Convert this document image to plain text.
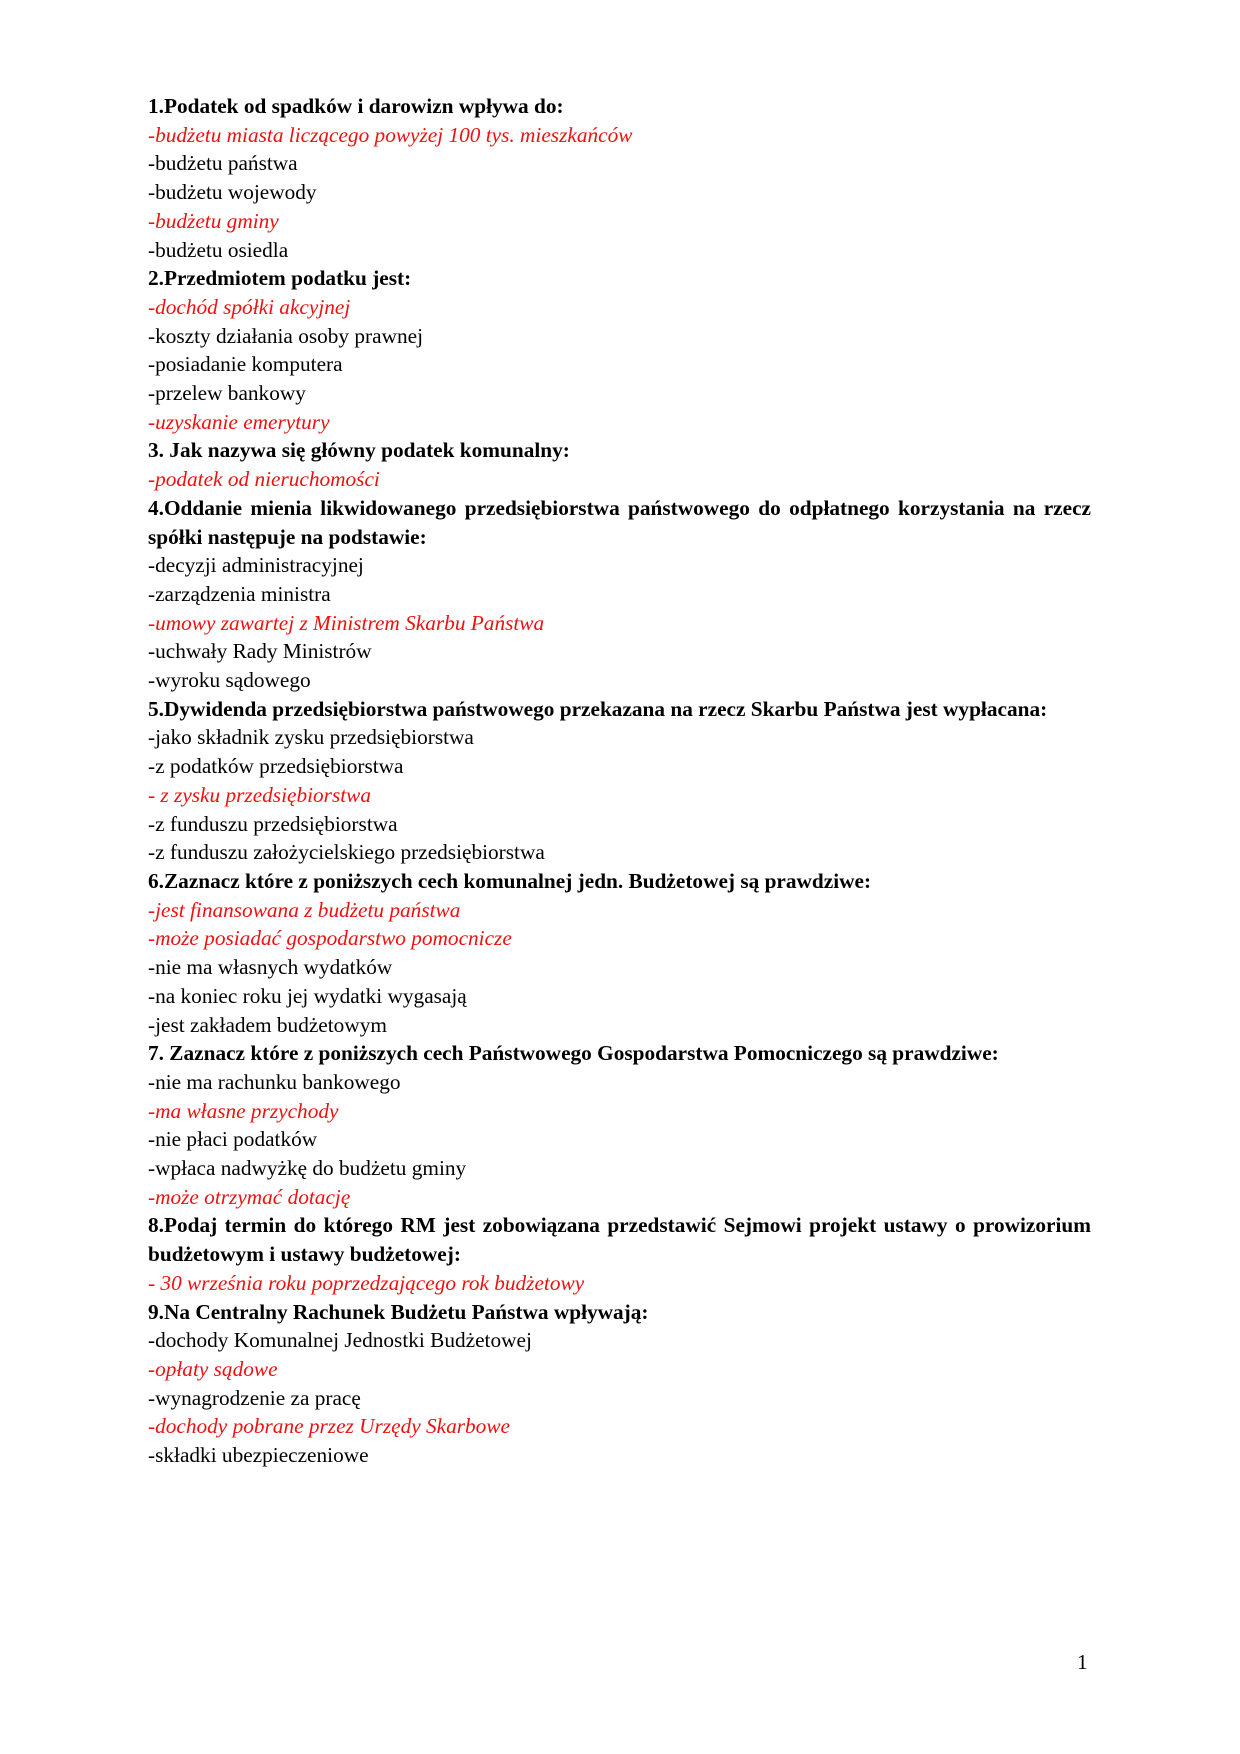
1.Podatek od spadków i darowizn wpływa do:
-budżetu miasta liczącego powyżej 100 tys. mieszkańców
-budżetu państwa
-budżetu wojewody
-budżetu gminy
-budżetu osiedla
2.Przedmiotem podatku jest:
-dochód spółki akcyjnej
-koszty działania osoby prawnej
-posiadanie komputera
-przelew bankowy
-uzyskanie emerytury
3. Jak nazywa się główny podatek komunalny:
-podatek od nieruchomości
4.Oddanie mienia likwidowanego przedsiębiorstwa państwowego do odpłatnego korzystania na rzecz spółki następuje na podstawie:
-decyzji administracyjnej
-zarządzenia ministra
-umowy zawartej z Ministrem Skarbu Państwa
-uchwały Rady Ministrów
-wyroku sądowego
5.Dywidenda przedsiębiorstwa państwowego przekazana na rzecz Skarbu Państwa jest wypłacana:
-jako składnik zysku przedsiębiorstwa
-z podatków przedsiębiorstwa
- z zysku przedsiębiorstwa
-z funduszu przedsiębiorstwa
-z funduszu założycielskiego przedsiębiorstwa
6.Zaznacz które z poniższych cech komunalnej jedn. Budżetowej są prawdziwe:
-jest finansowana z budżetu państwa
-może posiadać gospodarstwo pomocnicze
-nie ma własnych wydatków
-na koniec roku jej wydatki wygasają
-jest zakładem budżetowym
7. Zaznacz które z poniższych cech Państwowego Gospodarstwa Pomocniczego są prawdziwe:
-nie ma rachunku bankowego
-ma własne przychody
-nie płaci podatków
-wpłaca nadwyżkę do budżetu gminy
-może otrzymać dotację
8.Podaj termin do którego RM jest zobowiązana przedstawić Sejmowi projekt ustawy o prowizorium budżetowym i ustawy budżetowej:
- 30 września roku poprzedzającego rok budżetowy
9.Na Centralny Rachunek Budżetu Państwa wpływają:
-dochody Komunalnej Jednostki Budżetowej
-opłaty sądowe
-wynagrodzenie za pracę
-dochody pobrane przez Urzędy Skarbowe
-składki ubezpieczeniowe
1
